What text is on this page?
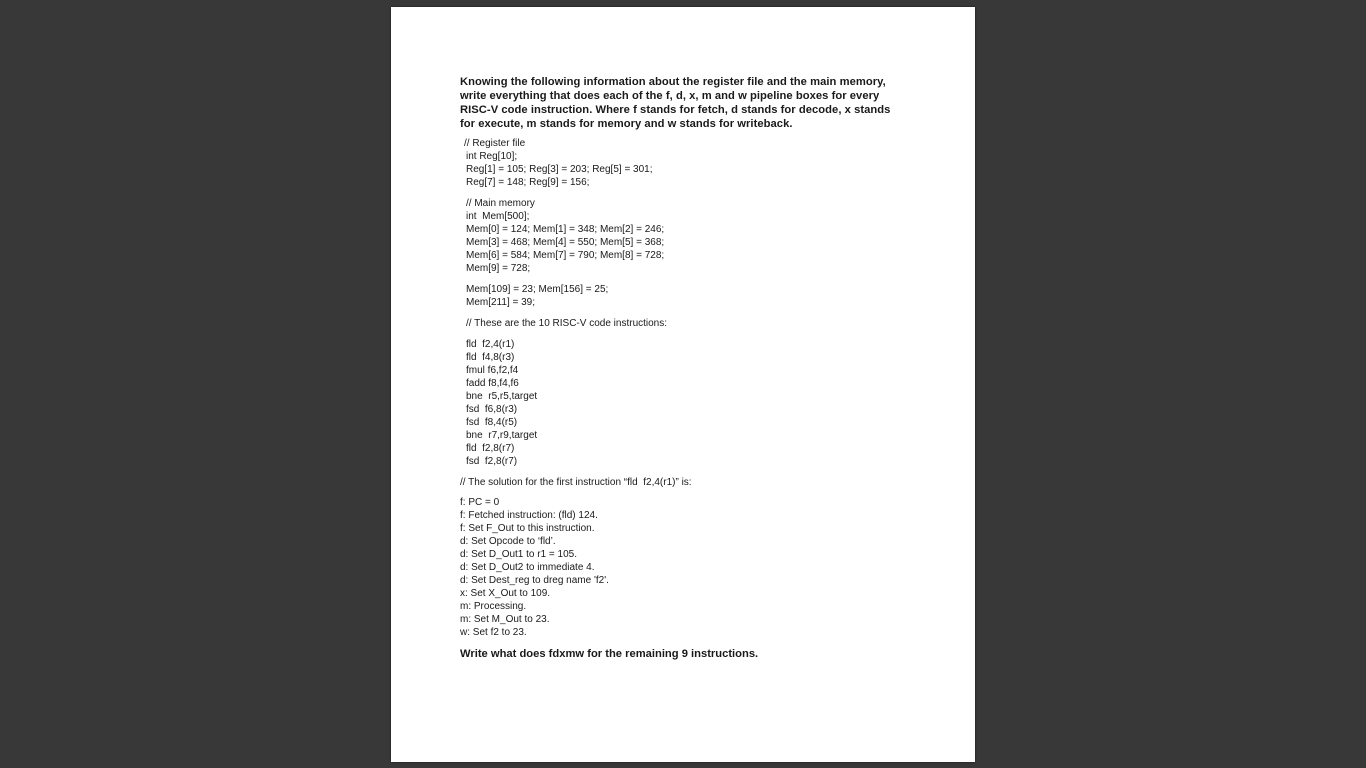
Knowing the following information about the register file and the main memory, write everything that does each of the f, d, x, m and w pipeline boxes for every RISC-V code instruction. Where f stands for fetch, d stands for decode, x stands for execute, m stands for memory and w stands for writeback.

// Register file
int Reg[10];
Reg[1] = 105; Reg[3] = 203; Reg[5] = 301;
Reg[7] = 148; Reg[9] = 156;
// Main memory
int  Mem[500];
Mem[0] = 124; Mem[1] = 348; Mem[2] = 246;
Mem[3] = 468; Mem[4] = 550; Mem[5] = 368;
Mem[6] = 584; Mem[7] = 790; Mem[8] = 728;
Mem[9] = 728;
Mem[109] = 23; Mem[156] = 25;
Mem[211] = 39;
// These are the 10 RISC-V code instructions:
fld  f2,4(r1)
fld  f4,8(r3)
fmul f6,f2,f4
fadd f8,f4,f6
bne  r5,r5,target
fsd  f6,8(r3)
fsd  f8,4(r5)
bne  r7,r9,target
fld  f2,8(r7)
fsd  f2,8(r7)
// The solution for the first instruction “fld  f2,4(r1)” is:
f: PC = 0
f: Fetched instruction: (fld) 124.
f: Set F_Out to this instruction.
d: Set Opcode to ‘fld’.
d: Set D_Out1 to r1 = 105.
d: Set D_Out2 to immediate 4.
d: Set Dest_reg to dreg name 'f2'.
x: Set X_Out to 109.
m: Processing.
m: Set M_Out to 23.
w: Set f2 to 23.

Write what does fdxmw for the remaining 9 instructions.
